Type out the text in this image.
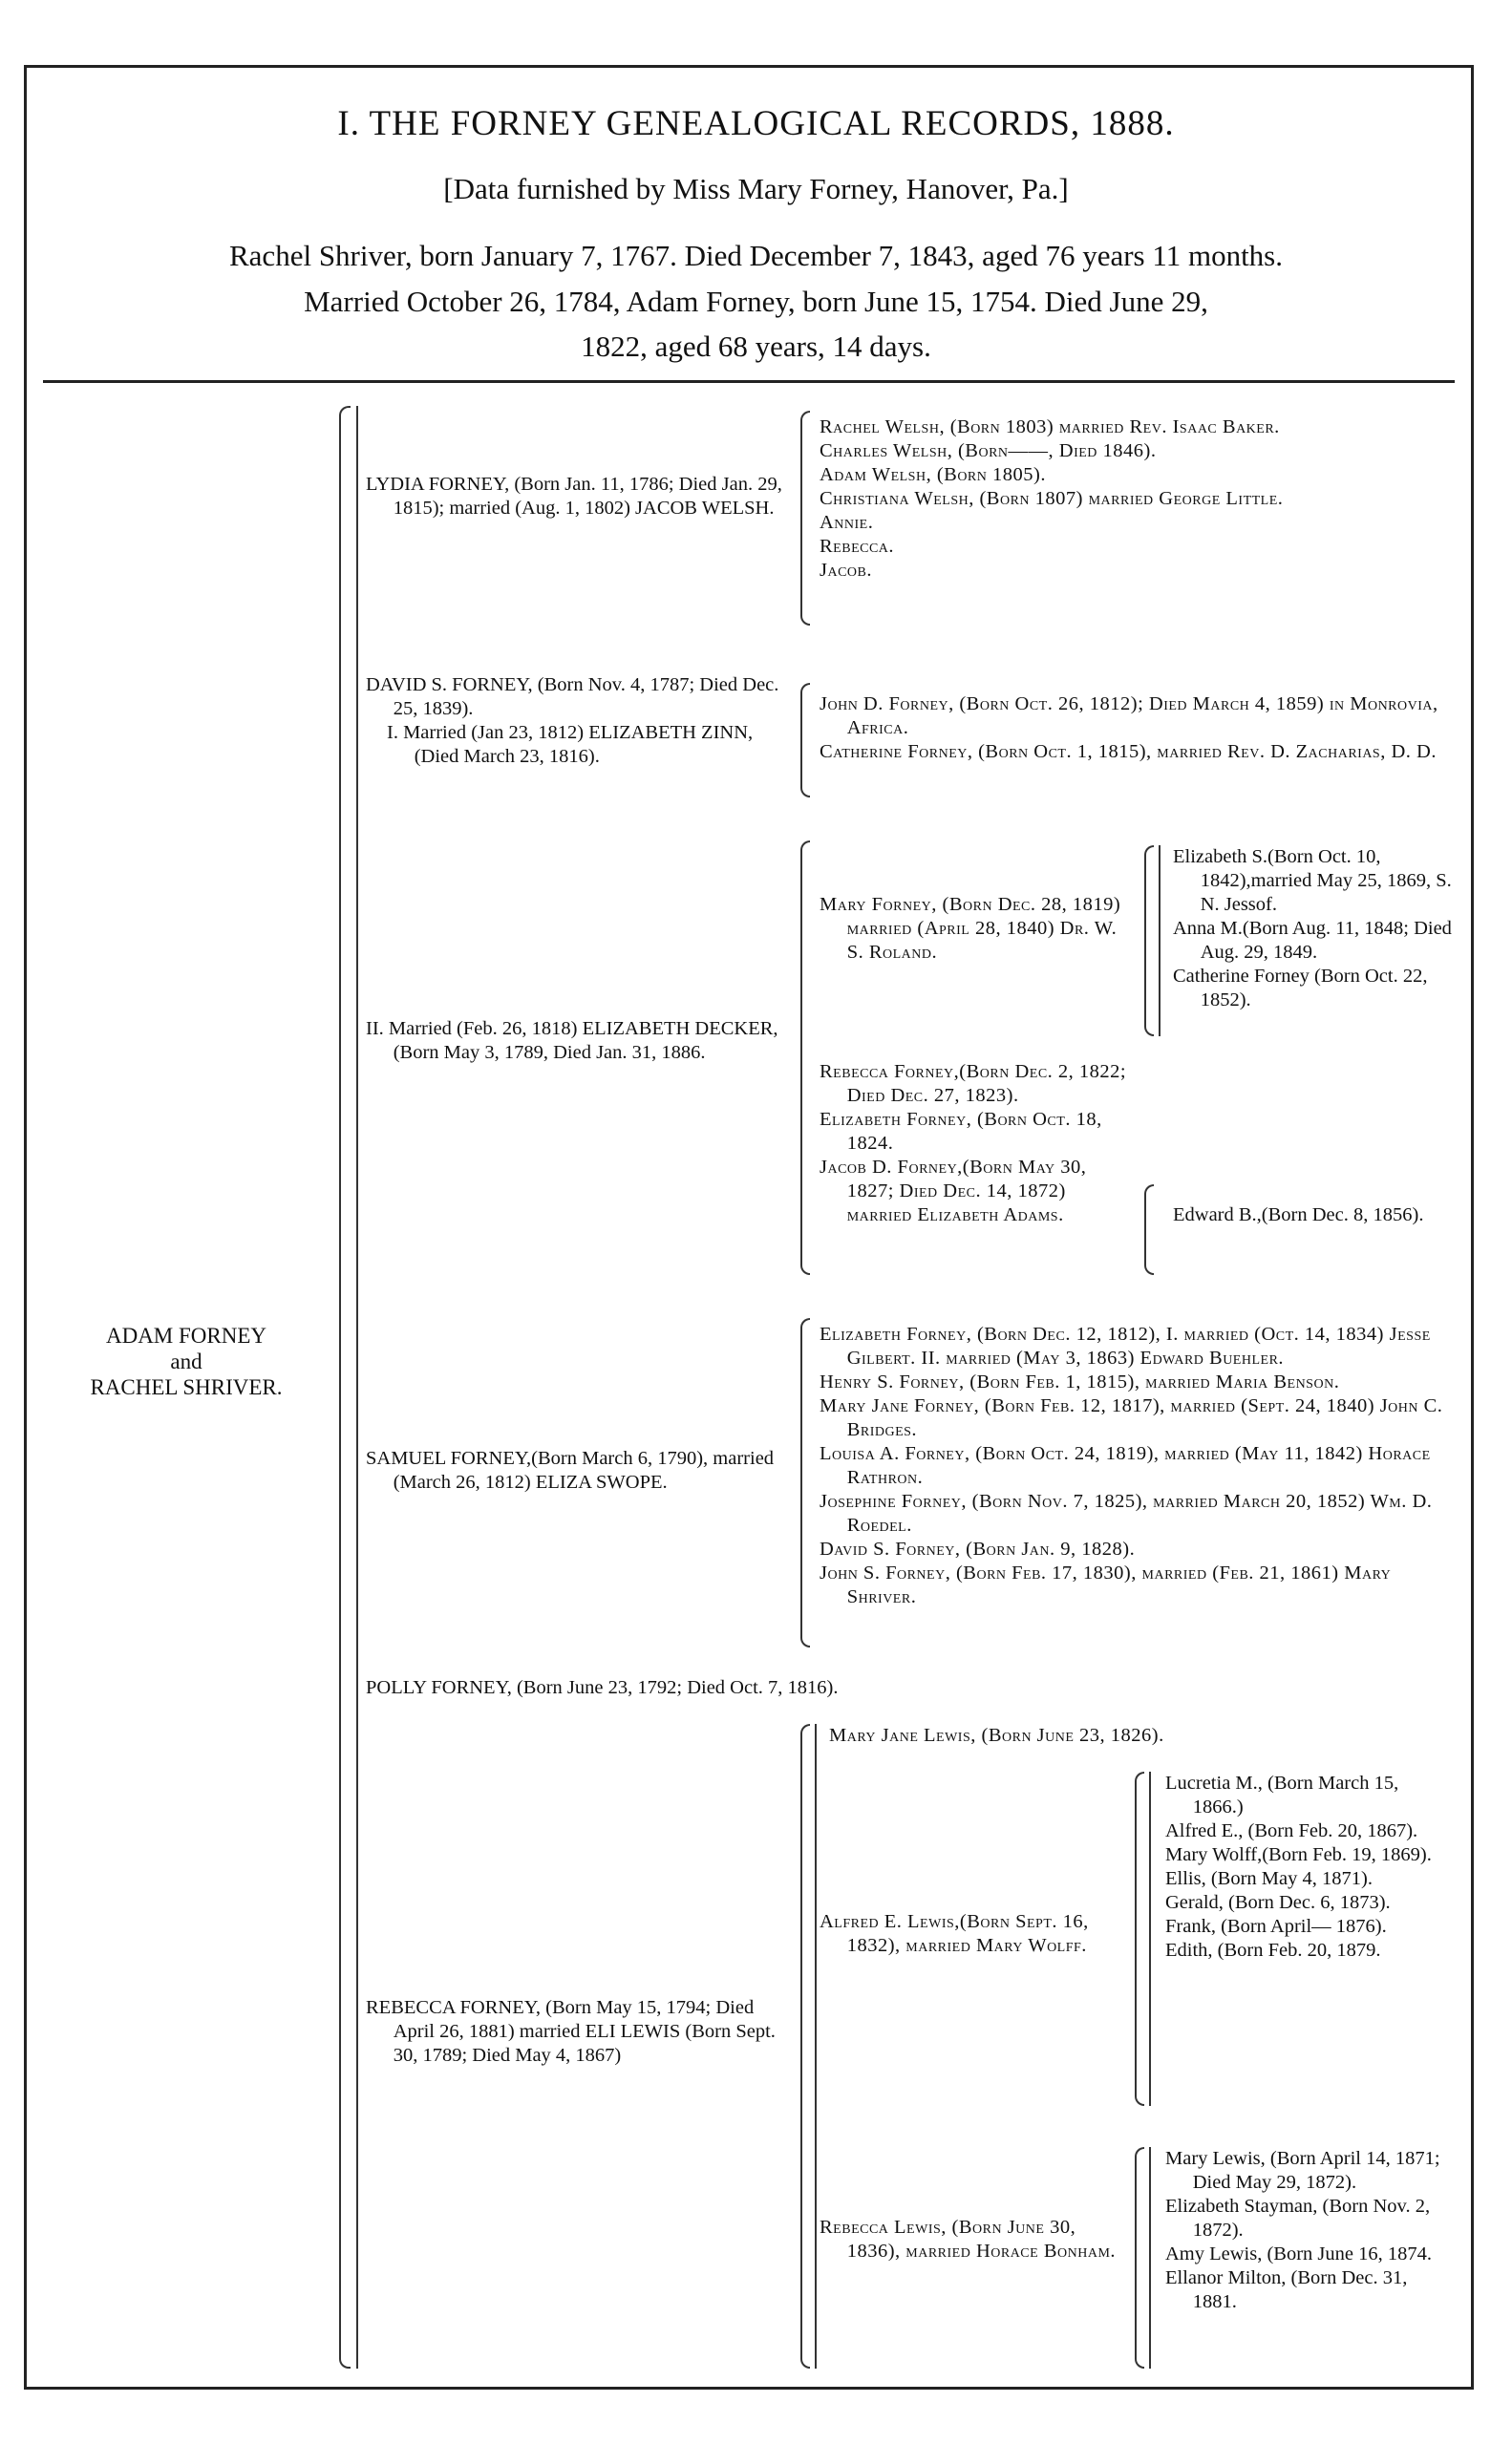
I. THE FORNEY GENEALOGICAL RECORDS, 1888.
[Data furnished by Miss Mary Forney, Hanover, Pa.]
Rachel Shriver, born January 7, 1767. Died December 7, 1843, aged 76 years 11 months.
Married October 26, 1784, Adam Forney, born June 15, 1754. Died June 29,
1822, aged 68 years, 14 days.
ADAM FORNEY
and
RACHEL SHRIVER.
LYDIA FORNEY, (Born Jan. 11, 1786; Died Jan. 29, 1815); married (Aug. 1, 1802) JACOB WELSH.
Rachel Welsh, (Born 1803) married Rev. Isaac Baker.
Charles Welsh, (Born——, Died 1846).
Adam Welsh, (Born 1805).
Christiana Welsh, (Born 1807) married George Little.
Annie.
Rebecca.
Jacob.
DAVID S. FORNEY, (Born Nov. 4, 1787; Died Dec. 25, 1839).
I. Married (Jan 23, 1812) ELIZABETH ZINN, (Died March 23, 1816).
John D. Forney, (Born Oct. 26, 1812); Died March 4, 1859) in Monrovia, Africa.
Catherine Forney, (Born Oct. 1, 1815), married Rev. D. Zacharias, D. D.
II. Married (Feb. 26, 1818) ELIZABETH DECKER, (Born May 3, 1789, Died Jan. 31, 1886.
Mary Forney, (Born Dec. 28, 1819) married (April 28, 1840) Dr. W. S. Roland.
Elizabeth S.(Born Oct. 10, 1842),married May 25, 1869, S. N. Jessof.
Anna M.(Born Aug. 11, 1848; Died Aug. 29, 1849.
Catherine Forney (Born Oct. 22, 1852).
Rebecca Forney,(Born Dec. 2, 1822; Died Dec. 27, 1823).
Elizabeth Forney, (Born Oct. 18, 1824.
Jacob D. Forney,(Born May 30, 1827; Died Dec. 14, 1872) married Elizabeth Adams.	Edward B.,(Born Dec. 8, 1856).
SAMUEL FORNEY,(Born March 6, 1790), married (March 26, 1812) ELIZA SWOPE.
Elizabeth Forney, (Born Dec. 12, 1812), I. married (Oct. 14, 1834) Jesse Gilbert. II. married (May 3, 1863) Edward Buehler.
Henry S. Forney, (Born Feb. 1, 1815), married Maria Benson.
Mary Jane Forney, (Born Feb. 12, 1817), married (Sept. 24, 1840) John C. Bridges.
Louisa A. Forney, (Born Oct. 24, 1819), married (May 11, 1842) Horace Rathron.
Josephine Forney, (Born Nov. 7, 1825), married March 20, 1852) Wm. D. Roedel.
David S. Forney, (Born Jan. 9, 1828).
John S. Forney, (Born Feb. 17, 1830), married (Feb. 21, 1861) Mary Shriver.
POLLY FORNEY, (Born June 23, 1792; Died Oct. 7, 1816).
REBECCA FORNEY, (Born May 15, 1794; Died April 26, 1881) married ELI LEWIS (Born Sept. 30, 1789; Died May 4, 1867)
Mary Jane Lewis, (Born June 23, 1826).
Alfred E. Lewis,(Born Sept. 16, 1832), married Mary Wolff.
Lucretia M., (Born March 15, 1866.)
Alfred E., (Born Feb. 20, 1867).
Mary Wolff,(Born Feb. 19, 1869).
Ellis, (Born May 4, 1871).
Gerald, (Born Dec. 6, 1873).
Frank, (Born April— 1876).
Edith, (Born Feb. 20, 1879.
Rebecca Lewis, (Born June 30, 1836), married Horace Bonham.
Mary Lewis, (Born April 14, 1871; Died May 29, 1872).
Elizabeth Stayman, (Born Nov. 2, 1872).
Amy Lewis, (Born June 16, 1874.
Ellanor Milton, (Born Dec. 31, 1881.
